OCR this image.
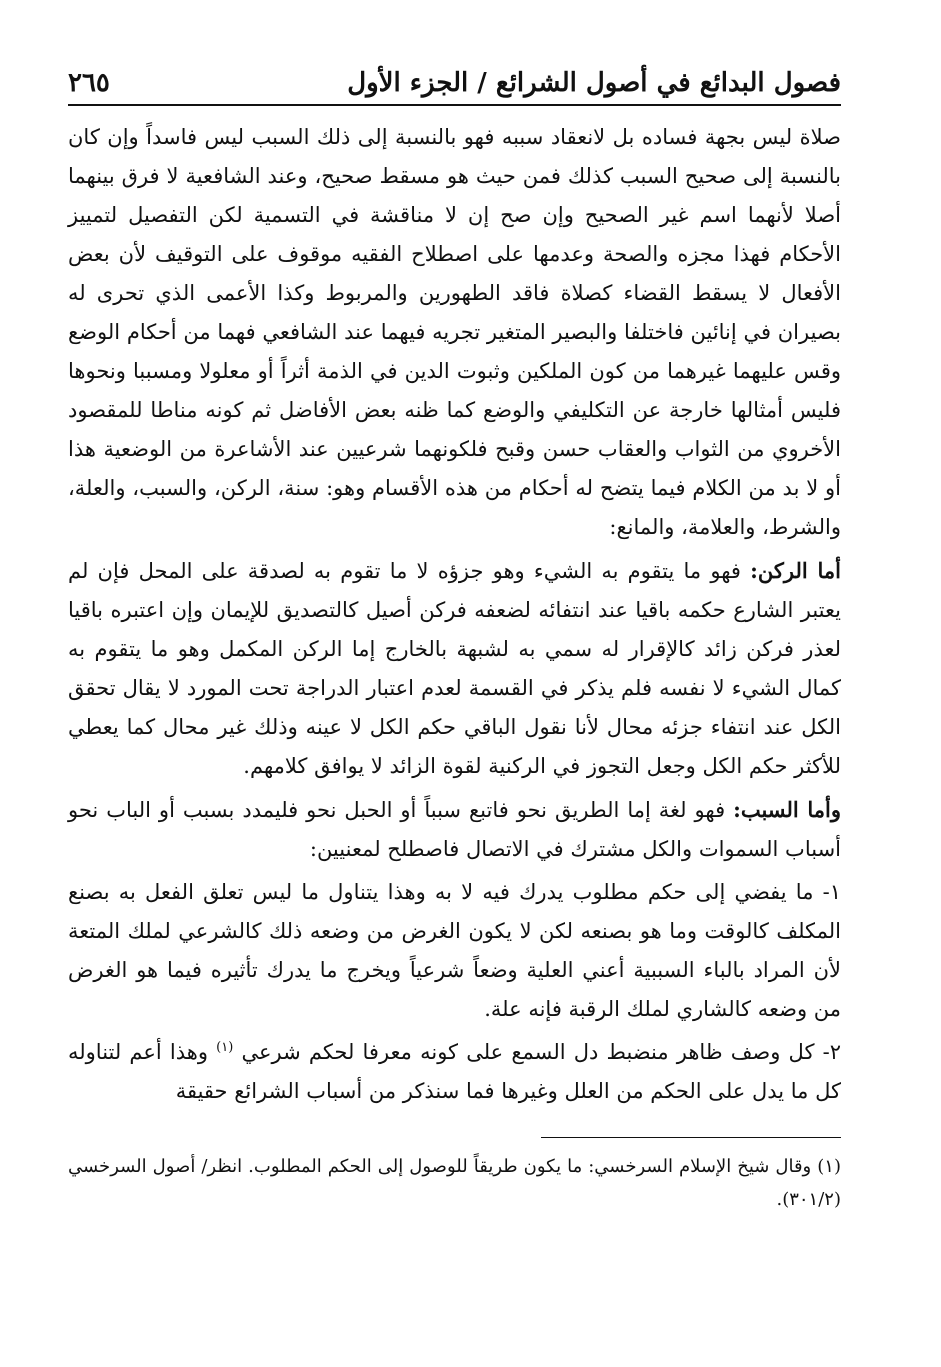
فصول البدائع في أصول الشرائع / الجزء الأول
٢٦٥

صلاة ليس بجهة فساده بل لانعقاد سببه فهو بالنسبة إلى ذلك السبب ليس فاسداً وإن كان بالنسبة إلى صحيح السبب كذلك فمن حيث هو مسقط صحيح، وعند الشافعية لا فرق بينهما أصلا لأنهما اسم غير الصحيح وإن صح إن لا مناقشة في التسمية لكن التفصيل لتمييز الأحكام فهذا مجزه والصحة وعدمها على اصطلاح الفقيه موقوف على التوقيف لأن بعض الأفعال لا يسقط القضاء كصلاة فاقد الطهورين والمربوط وكذا الأعمى الذي تحرى له بصيران في إنائين فاختلفا والبصير المتغير تجريه فيهما عند الشافعي فهما من أحكام الوضع وقس عليهما غيرهما من كون الملكين وثبوت الدين في الذمة أثراً أو معلولا ومسببا ونحوها فليس أمثالها خارجة عن التكليفي والوضع كما ظنه بعض الأفاضل ثم كونه مناطا للمقصود الأخروي من الثواب والعقاب حسن وقبح فلكونهما شرعيين عند الأشاعرة من الوضعية هذا أو لا بد من الكلام فيما يتضح له أحكام من هذه الأقسام وهو: سنة، الركن، والسبب، والعلة، والشرط، والعلامة، والمانع:

أما الركن: فهو ما يتقوم به الشيء وهو جزؤه لا ما تقوم به لصدقة على المحل فإن لم يعتبر الشارع حكمه باقيا عند انتفائه لضعفه فركن أصيل كالتصديق للإيمان وإن اعتبره باقيا لعذر فركن زائد كالإقرار له سمي به لشبهة بالخارج إما الركن المكمل وهو ما يتقوم به كمال الشيء لا نفسه فلم يذكر في القسمة لعدم اعتبار الدراجة تحت المورد لا يقال تحقق الكل عند انتفاء جزئه محال لأنا نقول الباقي حكم الكل لا عينه وذلك غير محال كما يعطي للأكثر حكم الكل وجعل التجوز في الركنية لقوة الزائد لا يوافق كلامهم.

وأما السبب: فهو لغة إما الطريق نحو فاتبع سبباً أو الحبل نحو فليمدد بسبب أو الباب نحو أسباب السموات والكل مشترك في الاتصال فاصطلح لمعنيين:

١- ما يفضي إلى حكم مطلوب يدرك فيه لا به وهذا يتناول ما ليس تعلق الفعل به بصنع المكلف كالوقت وما هو بصنعه لكن لا يكون الغرض من وضعه ذلك كالشرعي لملك المتعة لأن المراد بالباء السببية أعني العلية وضعاً شرعياً ويخرج ما يدرك تأثيره فيما هو الغرض من وضعه كالشاري لملك الرقبة فإنه علة.

٢- كل وصف ظاهر منضبط دل السمع على كونه معرفا لحكم شرعي $^{(١)}$ وهذا أعم لتناوله كل ما يدل على الحكم من العلل وغيرها فما سنذكر من أسباب الشرائع حقيقة

(١) وقال شيخ الإسلام السرخسي: ما يكون طريقاً للوصول إلى الحكم المطلوب. انظر/ أصول السرخسي (٣٠١/٢).
